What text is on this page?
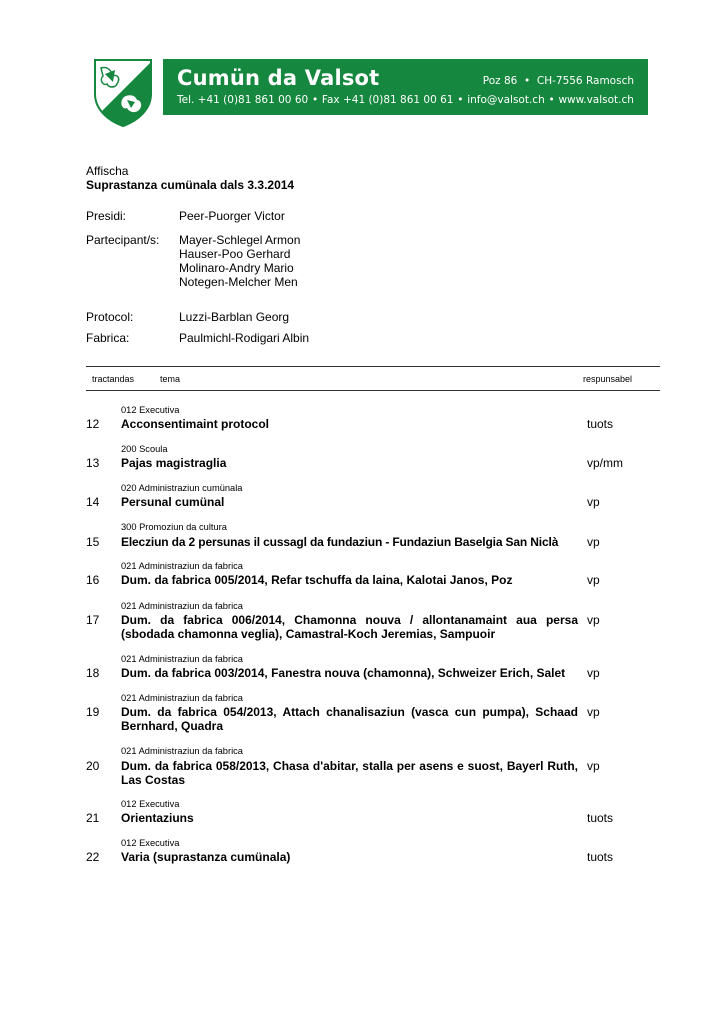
Cumün da Valsot	Poz 86  •  CH-7556 Ramosch
Tel. +41 (0)81 861 00 60 • Fax +41 (0)81 861 00 61 • info@valsot.ch • www.valsot.ch
Affischa
Suprastanza cumünala dals 3.3.2014
Presidi:	Peer-Puorger Victor
Partecipant/s: Mayer-Schlegel Armon
Hauser-Poo Gerhard
Molinaro-Andry Mario
Notegen-Melcher Men
Protocol:	Luzzi-Barblan Georg
Fabrica:	Paulmichl-Rodigari Albin
tractandas	tema	respunsabel
012 Executiva
12 Acconsentimaint protocol	tuots
200 Scoula
13 Pajas magistraglia	vp/mm
020 Administraziun cumünala
14 Persunal cumünal	vp
300 Promoziun da cultura
15 Elecziun da 2 persunas il cussagl da fundaziun - Fundaziun Baselgia San Niclà	vp
021 Administraziun da fabrica
16 Dum. da fabrica 005/2014, Refar tschuffa da laina, Kalotai Janos, Poz	vp
021 Administraziun da fabrica
17 Dum. da fabrica 006/2014, Chamonna nouva / allontanamaint aua persa (sbodada chamonna veglia), Camastral-Koch Jeremias, Sampuoir
vp
021 Administraziun da fabrica
18 Dum. da fabrica 003/2014, Fanestra nouva (chamonna), Schweizer Erich, Salet	vp
021 Administraziun da fabrica
19 Dum. da fabrica 054/2013, Attach chanalisaziun (vasca cun pumpa), Schaad Bernhard, Quadra
vp
021 Administraziun da fabrica
20 Dum. da fabrica 058/2013, Chasa d'abitar, stalla per asens e suost, Bayerl Ruth, Las Costas
vp
012 Executiva
21 Orientaziuns	tuots
012 Executiva
22 Varia (suprastanza cumünala)	tuots
